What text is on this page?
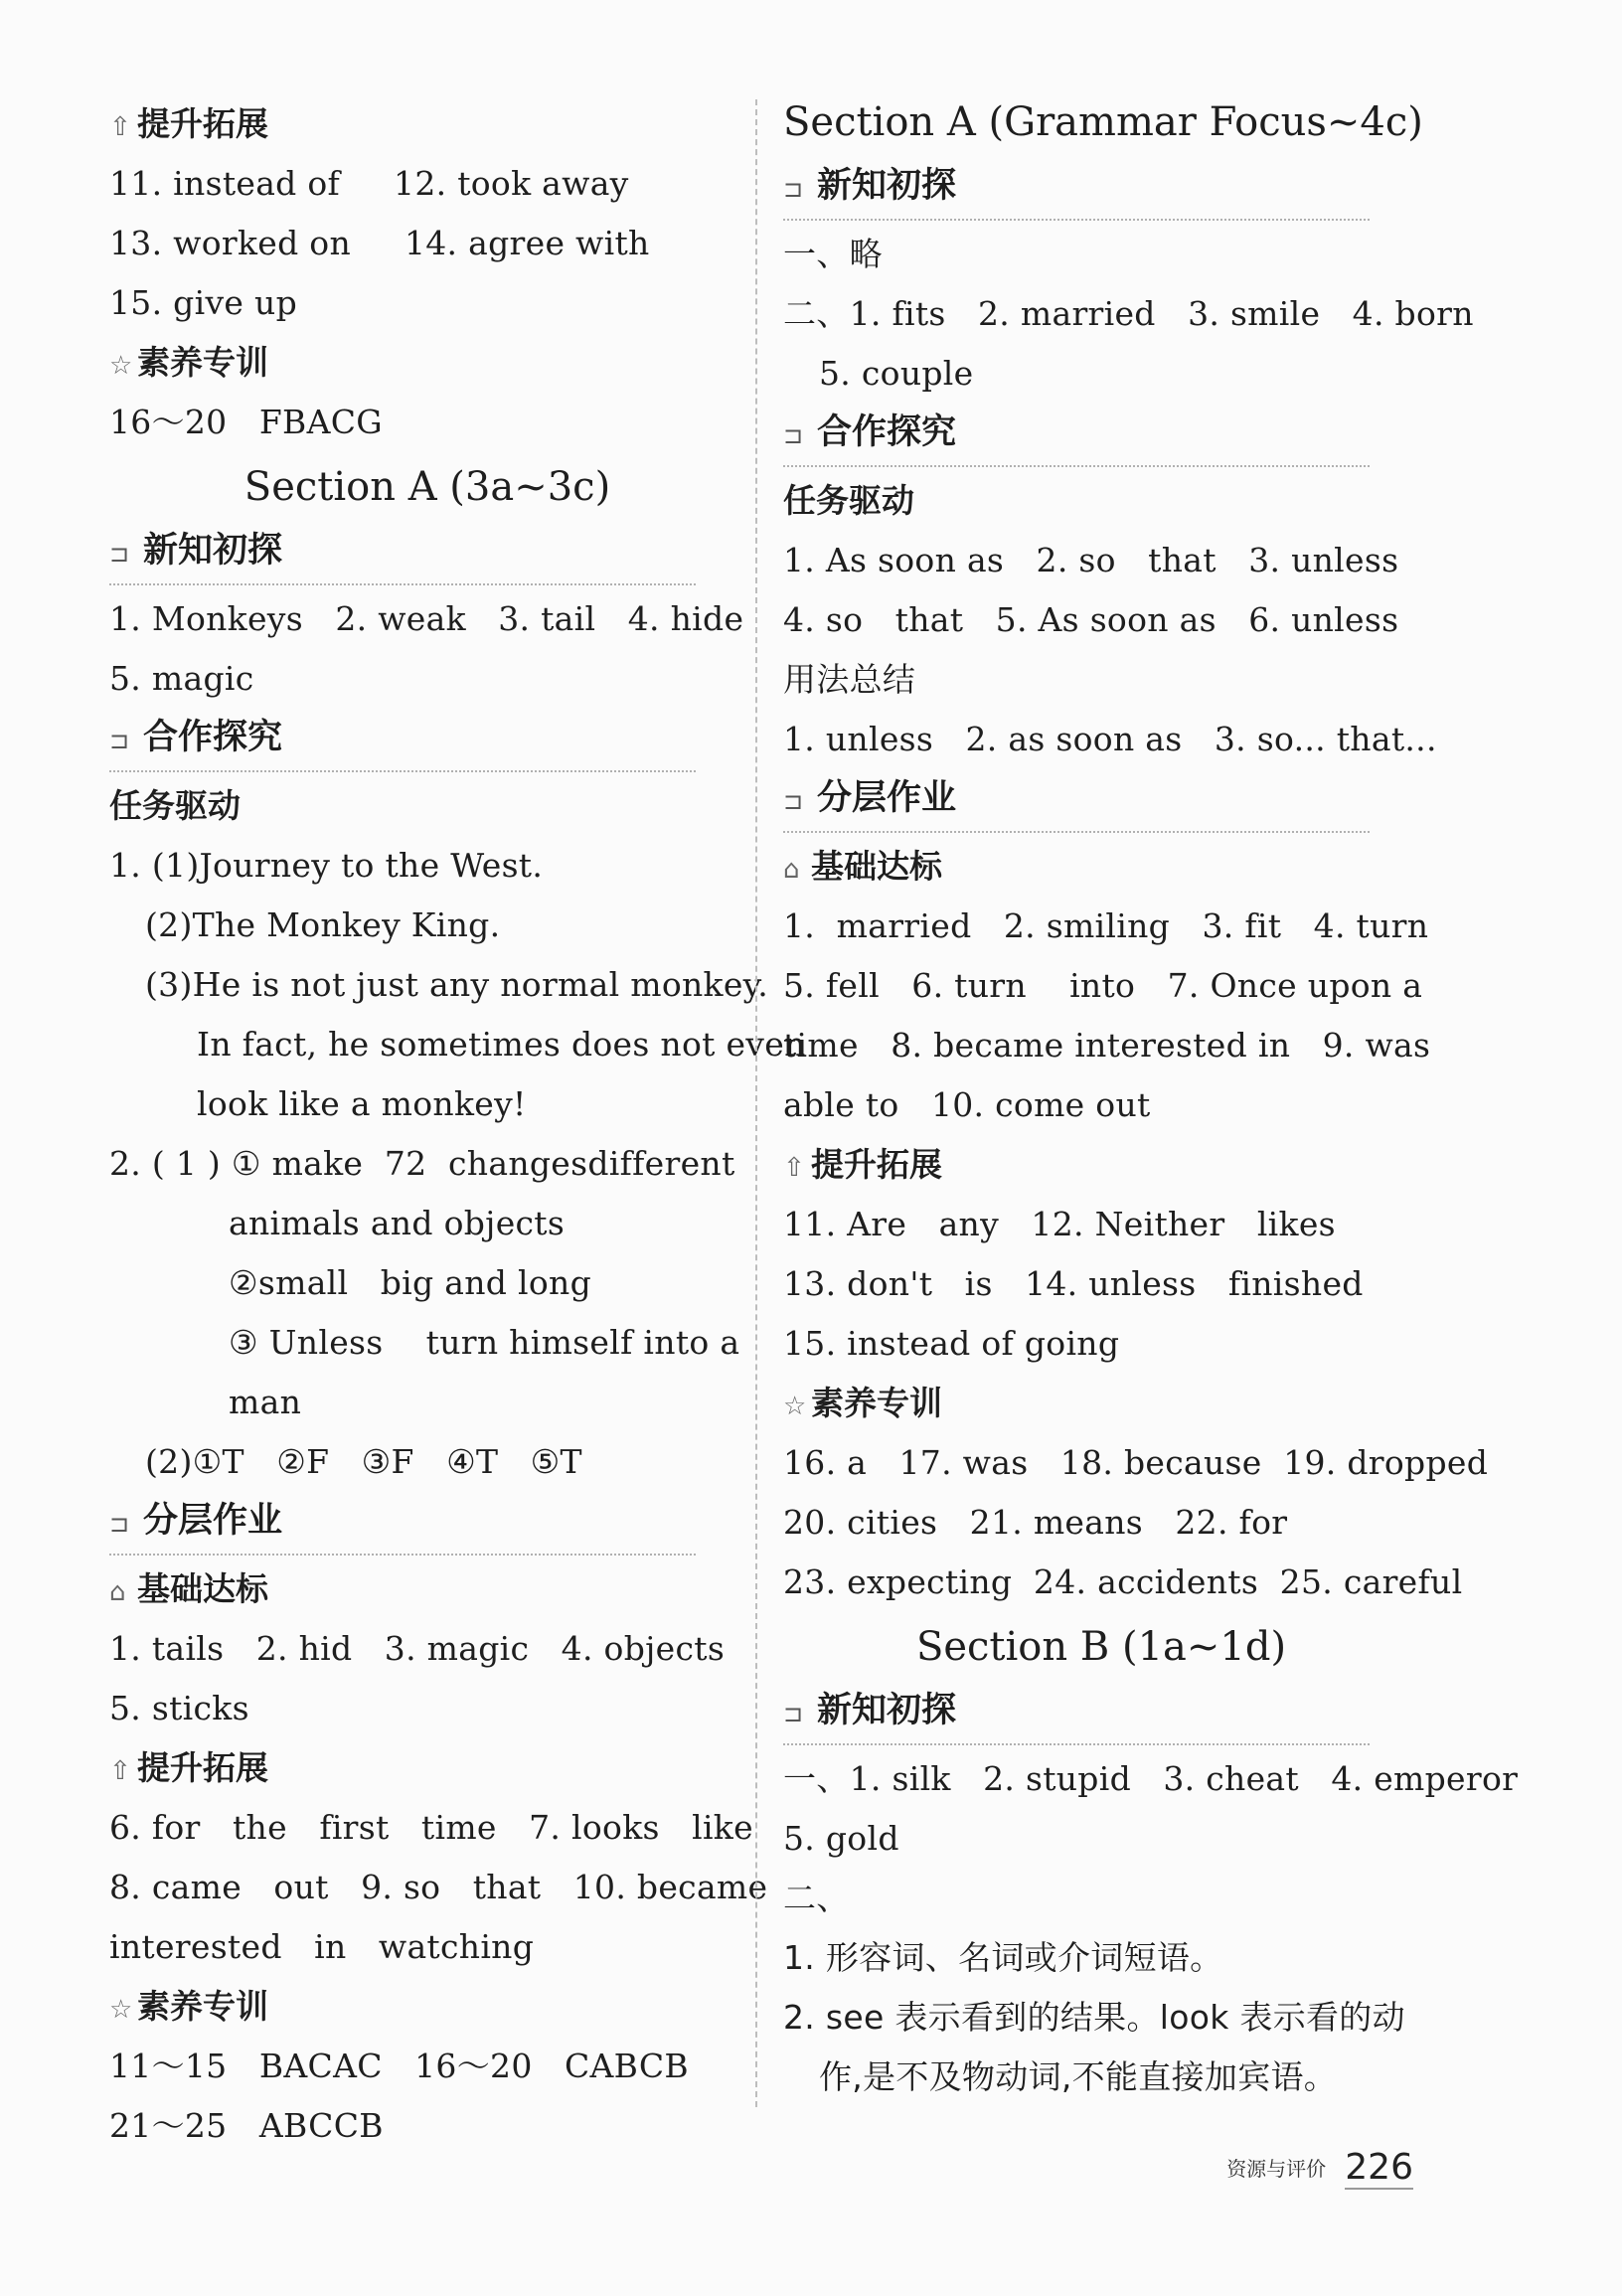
⇧ 提升拓展
11. instead of     12. took away
13. worked on     14. agree with
15. give up
☆ 素养专训
16～20   FBACG
Section A (3a~3c)
⊐ 新知初探
1. Monkeys   2. weak   3. tail   4. hide
5. magic
⊐ 合作探究
任务驱动
1. (1)Journey to the West.
(2)The Monkey King.
(3)He is not just any normal monkey.
In fact, he sometimes does not even
look like a monkey!
2. ( 1 ) ① make  72  changes different
animals and objects
②small   big and long
③ Unless    turn himself into a
man
(2)①T   ②F   ③F   ④T   ⑤T
⊐ 分层作业
⌂ 基础达标
1. tails   2. hid   3. magic   4. objects
5. sticks
⇧ 提升拓展
6. for   the   first   time   7. looks   like
8. came   out   9. so   that   10. became
interested   in   watching
☆ 素养专训
11～15   BACAC   16～20   CABCB
21～25   ABCCB
Section A (Grammar Focus~4c)
⊐ 新知初探
一、略
二、1. fits   2. married   3. smile   4. born
5. couple
⊐ 合作探究
任务驱动
1. As soon as   2. so   that   3. unless
4. so   that   5. As soon as   6. unless
用法总结
1. unless   2. as soon as   3. so... that...
⊐ 分层作业
⌂ 基础达标
1.  married   2. smiling   3. fit   4. turn
5. fell   6. turn    into   7. Once upon a
time   8. became interested in   9. was
able to   10. come out
⇧ 提升拓展
11. Are   any   12. Neither   likes
13. don't   is   14. unless   finished
15. instead of going
☆ 素养专训
16. a   17. was   18. because  19. dropped
20. cities   21. means   22. for
23. expecting  24. accidents  25. careful
Section B (1a~1d)
⊐ 新知初探
一、1. silk   2. stupid   3. cheat   4. emperor
5. gold
二、
1. 形容词、名词或介词短语。
2. see 表示看到的结果。look 表示看的动
作,是不及物动词,不能直接加宾语。
资源与评价 226
